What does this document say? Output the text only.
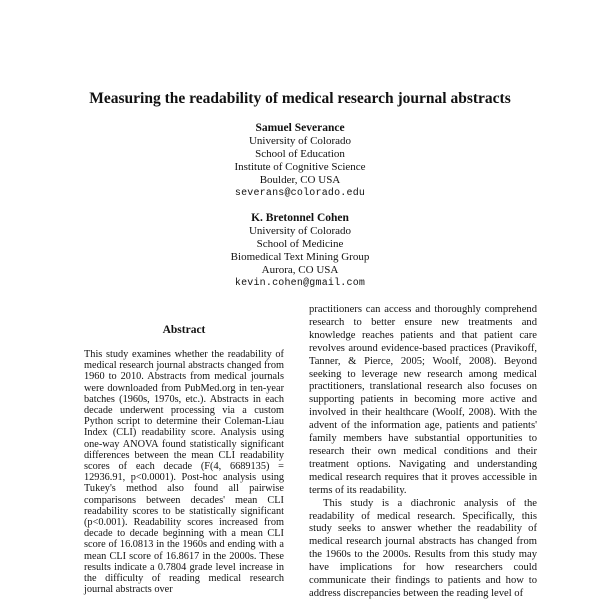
Measuring the readability of medical research journal abstracts
Samuel Severance
University of Colorado
School of Education
Institute of Cognitive Science
Boulder, CO USA
severans@colorado.edu
K. Bretonnel Cohen
University of Colorado
School of Medicine
Biomedical Text Mining Group
Aurora, CO USA
kevin.cohen@gmail.com
Abstract
This study examines whether the readability of medical research journal abstracts changed from 1960 to 2010. Abstracts from medical journals were downloaded from PubMed.org in ten-year batches (1960s, 1970s, etc.). Abstracts in each decade underwent processing via a custom Python script to determine their Coleman-Liau Index (CLI) readability score. Analysis using one-way ANOVA found statistically significant differences between the mean CLI readability scores of each decade (F(4, 6689135) = 12936.91, p<0.0001). Post-hoc analysis using Tukey's method also found all pairwise comparisons between decades' mean CLI readability scores to be statistically significant (p<0.001). Readability scores increased from decade to decade beginning with a mean CLI score of 16.0813 in the 1960s and ending with a mean CLI score of 16.8617 in the 2000s. These results indicate a 0.7804 grade level increase in the difficulty of reading medical research journal abstracts over

practitioners can access and thoroughly comprehend research to better ensure new treatments and knowledge reaches patients and that patient care revolves around evidence-based practices (Pravikoff, Tanner, & Pierce, 2005; Woolf, 2008). Beyond seeking to leverage new research among medical practitioners, translational research also focuses on supporting patients in becoming more active and involved in their healthcare (Woolf, 2008). With the advent of the information age, patients and patients' family members have substantial opportunities to research their own medical conditions and their treatment options. Navigating and understanding medical research requires that it proves accessible in terms of its readability.

This study is a diachronic analysis of the readability of medical research. Specifically, this study seeks to answer whether the readability of medical research journal abstracts has changed from the 1960s to the 2000s. Results from this study may have implications for how researchers could communicate their findings to patients and how to address discrepancies between the reading level of
